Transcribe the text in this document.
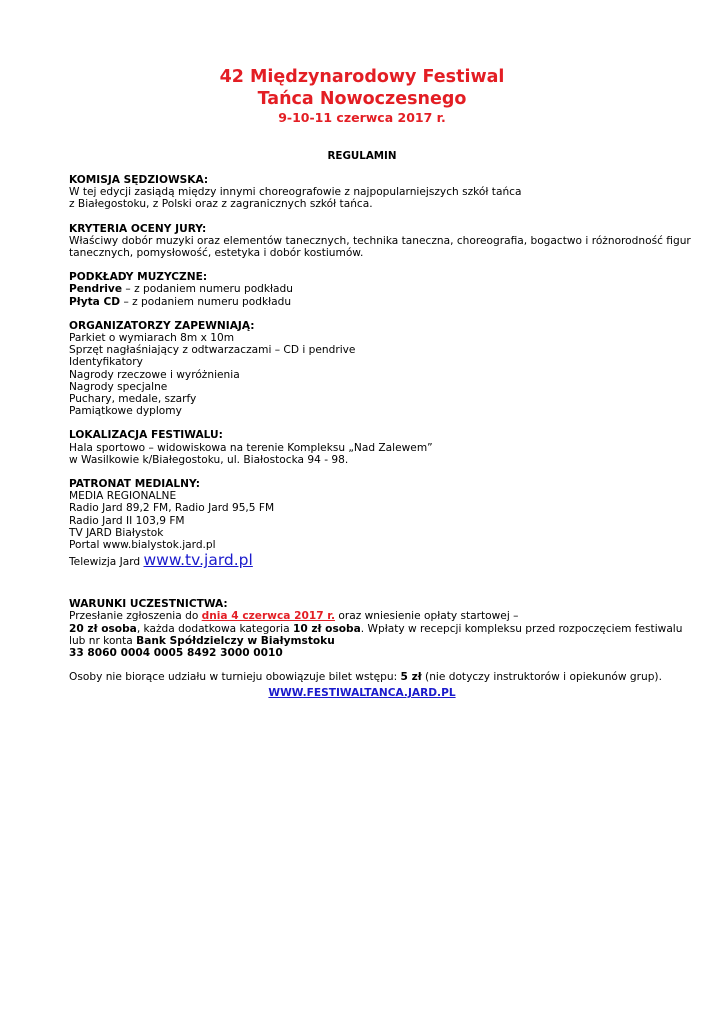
42 Międzynarodowy Festiwal
Tańca Nowoczesnego
9-10-11 czerwca 2017 r.
REGULAMIN
KOMISJA SĘDZIOWSKA:
W tej edycji zasiądą między innymi choreografowie z najpopularniejszych szkół tańca
z Białegostoku, z Polski oraz z zagranicznych szkół tańca.
KRYTERIA OCENY JURY:
Właściwy dobór muzyki oraz elementów tanecznych, technika taneczna, choreografia, bogactwo i różnorodność figur
tanecznych, pomysłowość, estetyka i dobór kostiumów.
PODKŁADY MUZYCZNE:
Pendrive – z podaniem numeru podkładu
Płyta CD – z podaniem numeru podkładu
ORGANIZATORZY ZAPEWNIAJĄ:
Parkiet o wymiarach 8m x 10m
Sprzęt nagłaśniający z odtwarzaczami – CD i pendrive
Identyfikatory
Nagrody rzeczowe i wyróżnienia
Nagrody specjalne
Puchary, medale, szarfy
Pamiątkowe dyplomy
LOKALIZACJA FESTIWALU:
Hala sportowo – widowiskowa na terenie Kompleksu „Nad Zalewem”
w Wasilkowie k/Białegostoku, ul. Białostocka 94 - 98.
PATRONAT MEDIALNY:
MEDIA REGIONALNE
Radio Jard 89,2 FM, Radio Jard 95,5 FM
Radio Jard II 103,9 FM
TV JARD Białystok
Portal www.bialystok.jard.pl
Telewizja Jard www.tv.jard.pl
WARUNKI UCZESTNICTWA:
Przesłanie zgłoszenia do dnia 4 czerwca 2017 r. oraz wniesienie opłaty startowej –
20 zł osoba, każda dodatkowa kategoria 10 zł osoba. Wpłaty w recepcji kompleksu przed rozpoczęciem festiwalu
lub nr konta Bank Spółdzielczy w Białymstoku
33 8060 0004 0005 8492 3000 0010
Osoby nie biorące udziału w turnieju obowiązuje bilet wstępu: 5 zł (nie dotyczy instruktorów i opiekunów grup).
WWW.FESTIWALTANCA.JARD.PL
